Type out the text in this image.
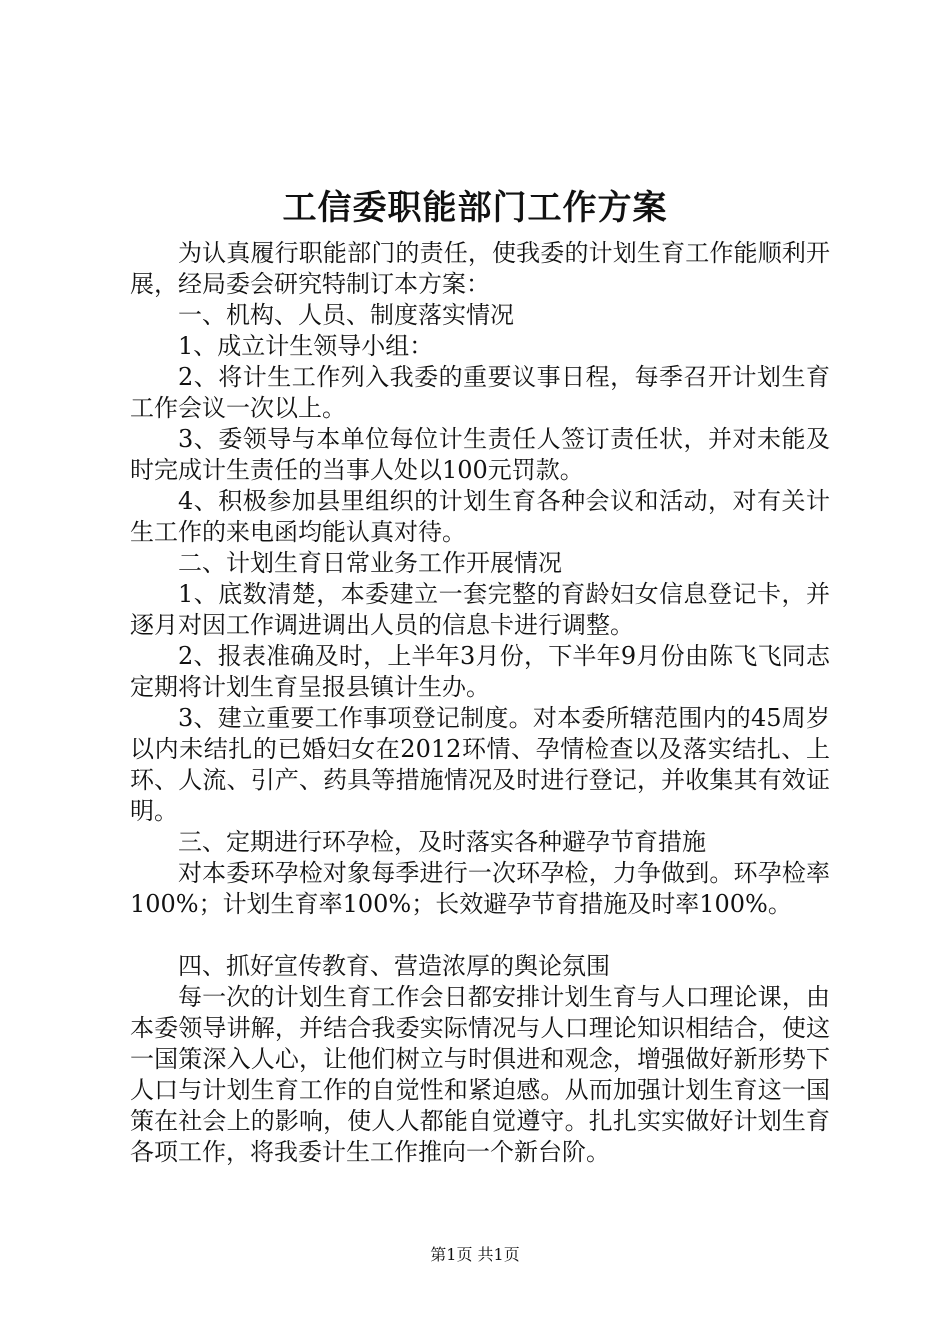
工信委职能部门工作方案

为认真履行职能部门的责任，使我委的计划生育工作能顺利开展，经局委会研究特制订本方案：

一、机构、人员、制度落实情况

1、成立计生领导小组：

2、将计生工作列入我委的重要议事日程，每季召开计划生育工作会议一次以上。

3、委领导与本单位每位计生责任人签订责任状，并对未能及时完成计生责任的当事人处以100元罚款。

4、积极参加县里组织的计划生育各种会议和活动，对有关计生工作的来电函均能认真对待。

二、计划生育日常业务工作开展情况

1、底数清楚，本委建立一套完整的育龄妇女信息登记卡，并逐月对因工作调进调出人员的信息卡进行调整。

2、报表准确及时，上半年3月份，下半年9月份由陈飞飞同志定期将计划生育呈报县镇计生办。

3、建立重要工作事项登记制度。对本委所辖范围内的45周岁以内未结扎的已婚妇女在2012环情、孕情检查以及落实结扎、上环、人流、引产、药具等措施情况及时进行登记，并收集其有效证明。

三、定期进行环孕检，及时落实各种避孕节育措施

对本委环孕检对象每季进行一次环孕检，力争做到。环孕检率100%；计划生育率100%；长效避孕节育措施及时率100%。

四、抓好宣传教育、营造浓厚的舆论氛围

每一次的计划生育工作会日都安排计划生育与人口理论课，由本委领导讲解，并结合我委实际情况与人口理论知识相结合，使这一国策深入人心，让他们树立与时俱进和观念，增强做好新形势下人口与计划生育工作的自觉性和紧迫感。从而加强计划生育这一国策在社会上的影响，使人人都能自觉遵守。扎扎实实做好计划生育各项工作，将我委计生工作推向一个新台阶。

第1页 共1页
